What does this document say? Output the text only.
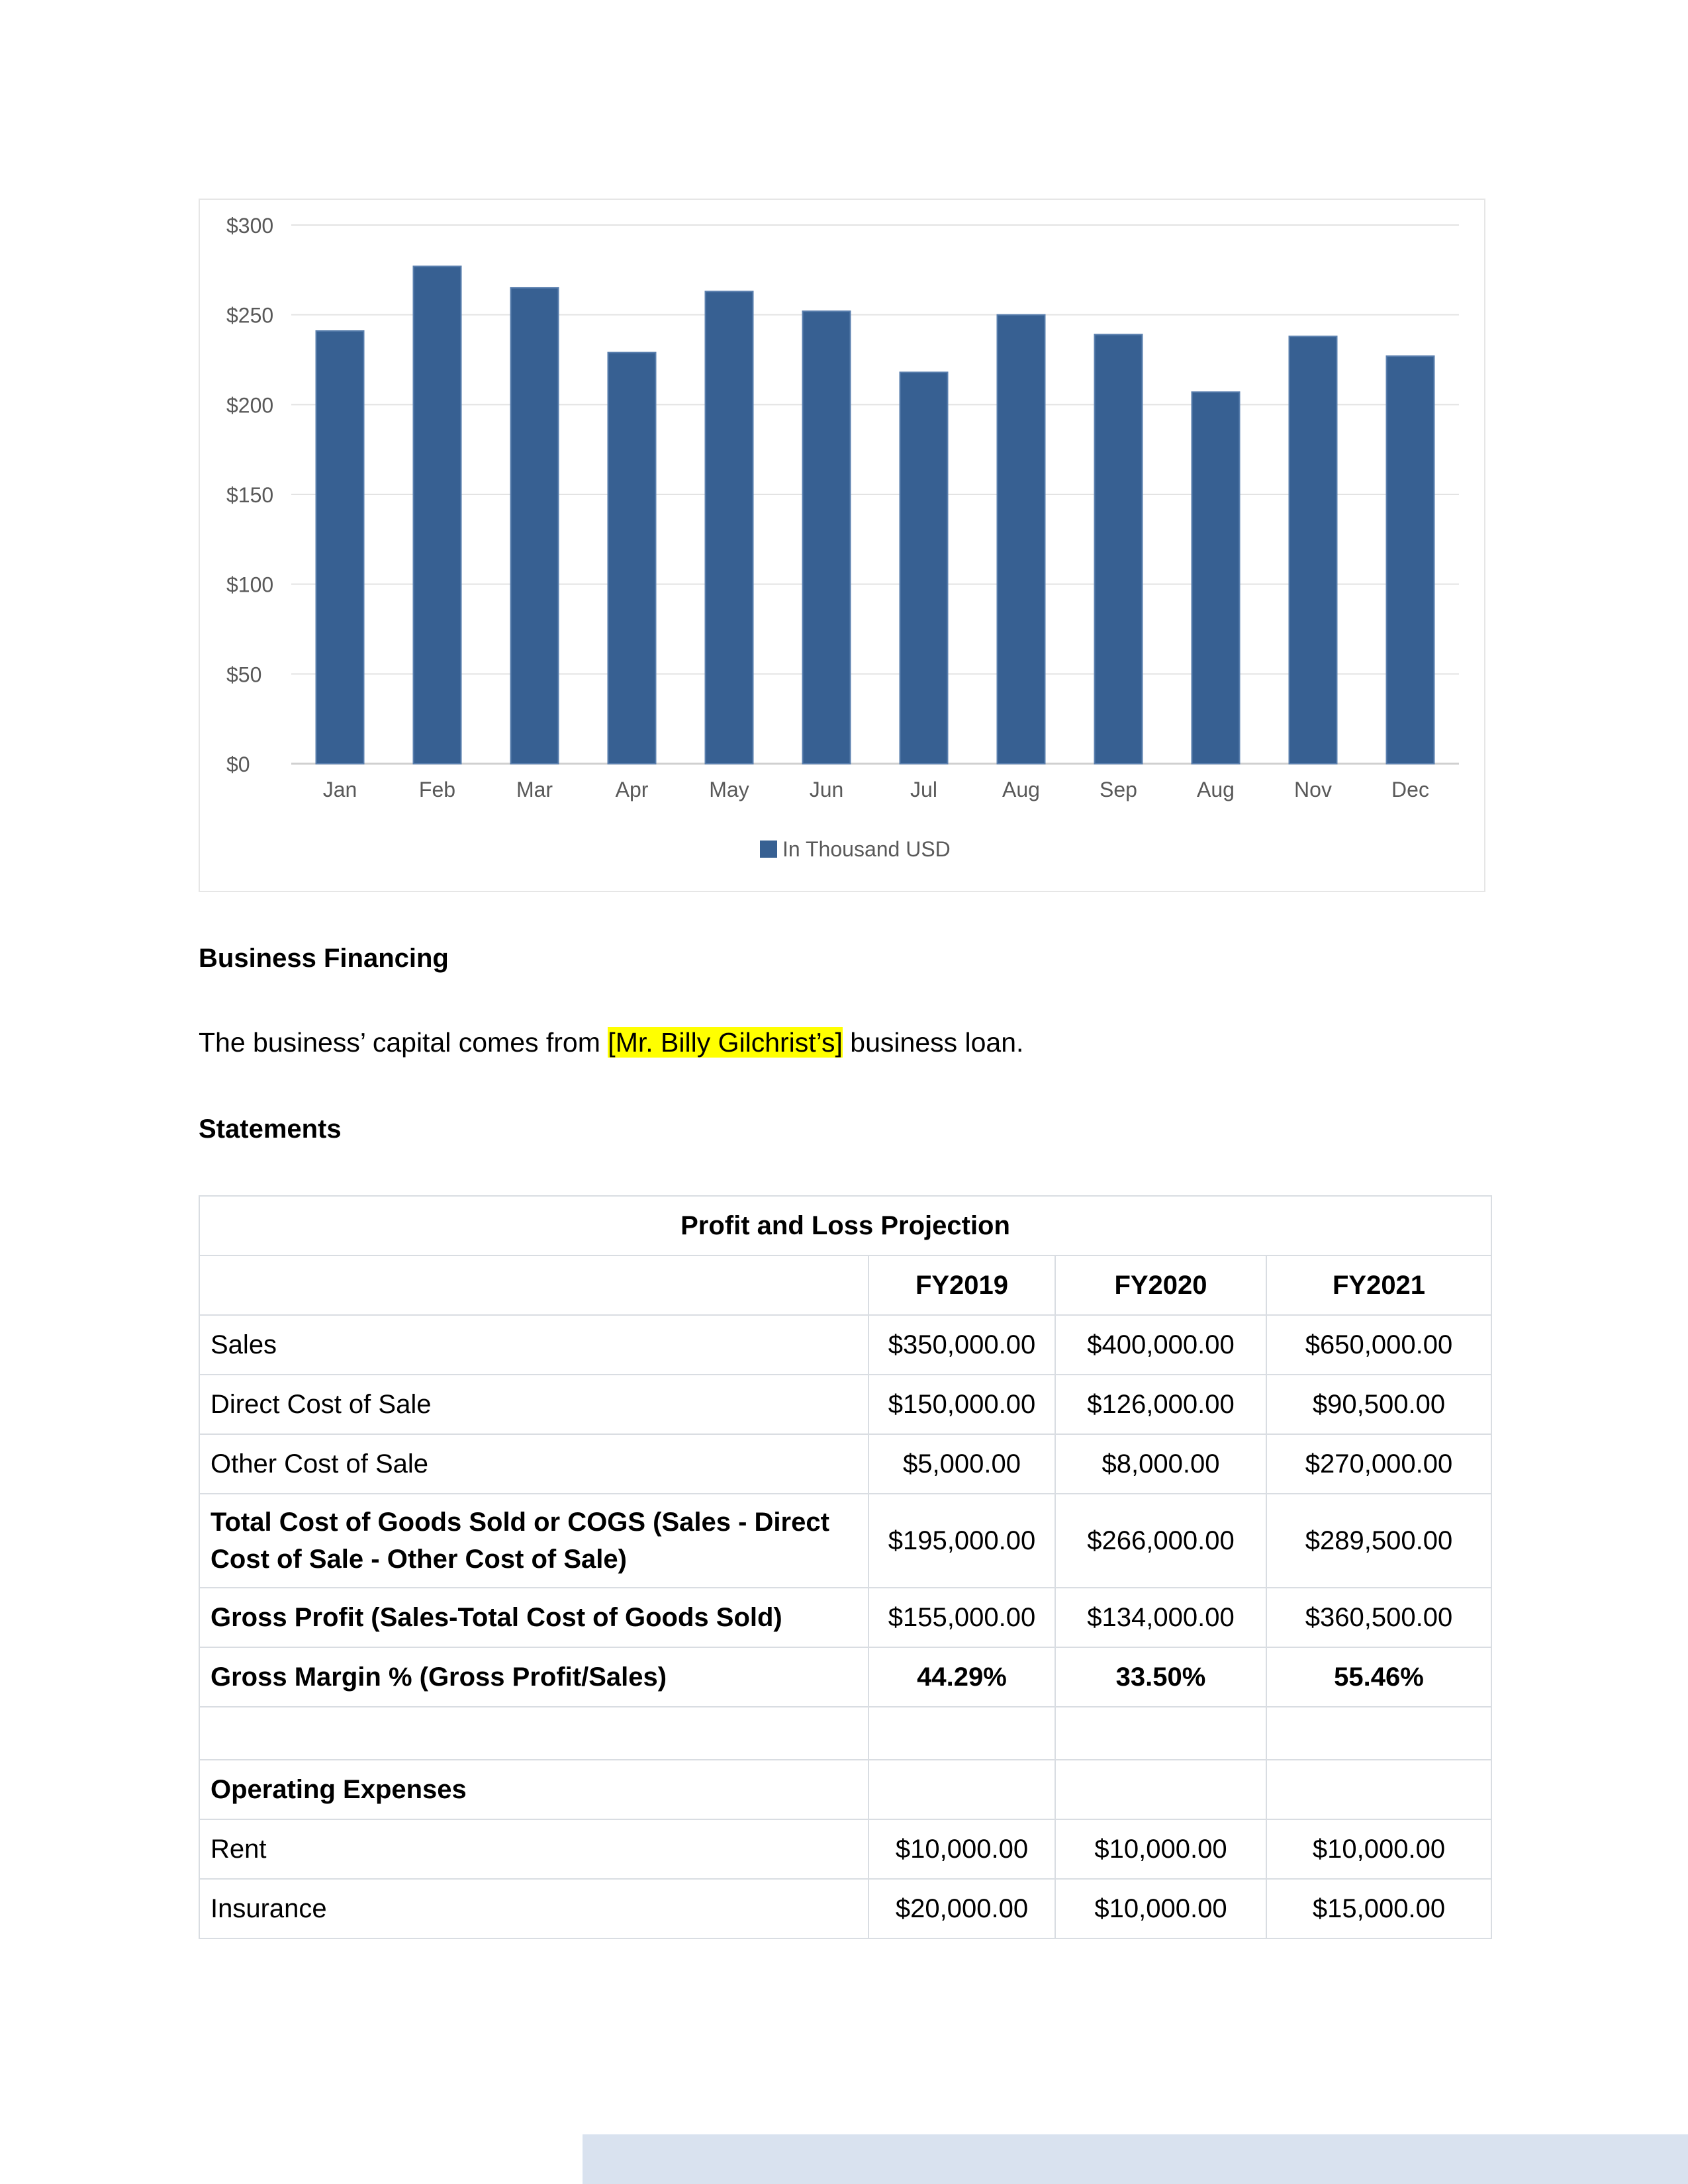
$0
$50
$100
$150
$200
$250
$300
Jan	Feb	Mar	Apr	May	Jun	Jul	Aug	Sep	Aug	Nov	Dec
In Thousand USD
Business Financing
The business’ capital comes from [Mr. Billy Gilchrist’s] business loan.
Statements
Profit and Loss Projection			
	FY2019	FY2020	FY2021
Sales	$350,000.00	$400,000.00	$650,000.00
Direct Cost of Sale	$150,000.00	$126,000.00	$90,500.00
Other Cost of Sale	$5,000.00	$8,000.00	$270,000.00
Total Cost of Goods Sold or COGS (Sales - Direct Cost of Sale - Other Cost of Sale)	$195,000.00	$266,000.00	$289,500.00
Gross Profit (Sales-Total Cost of Goods Sold)	$155,000.00	$134,000.00	$360,500.00
Gross Margin % (Gross Profit/Sales)	44.29%	33.50%	55.46%

Operating Expenses			
Rent	$10,000.00	$10,000.00	$10,000.00
Insurance	$20,000.00	$10,000.00	$15,000.00
